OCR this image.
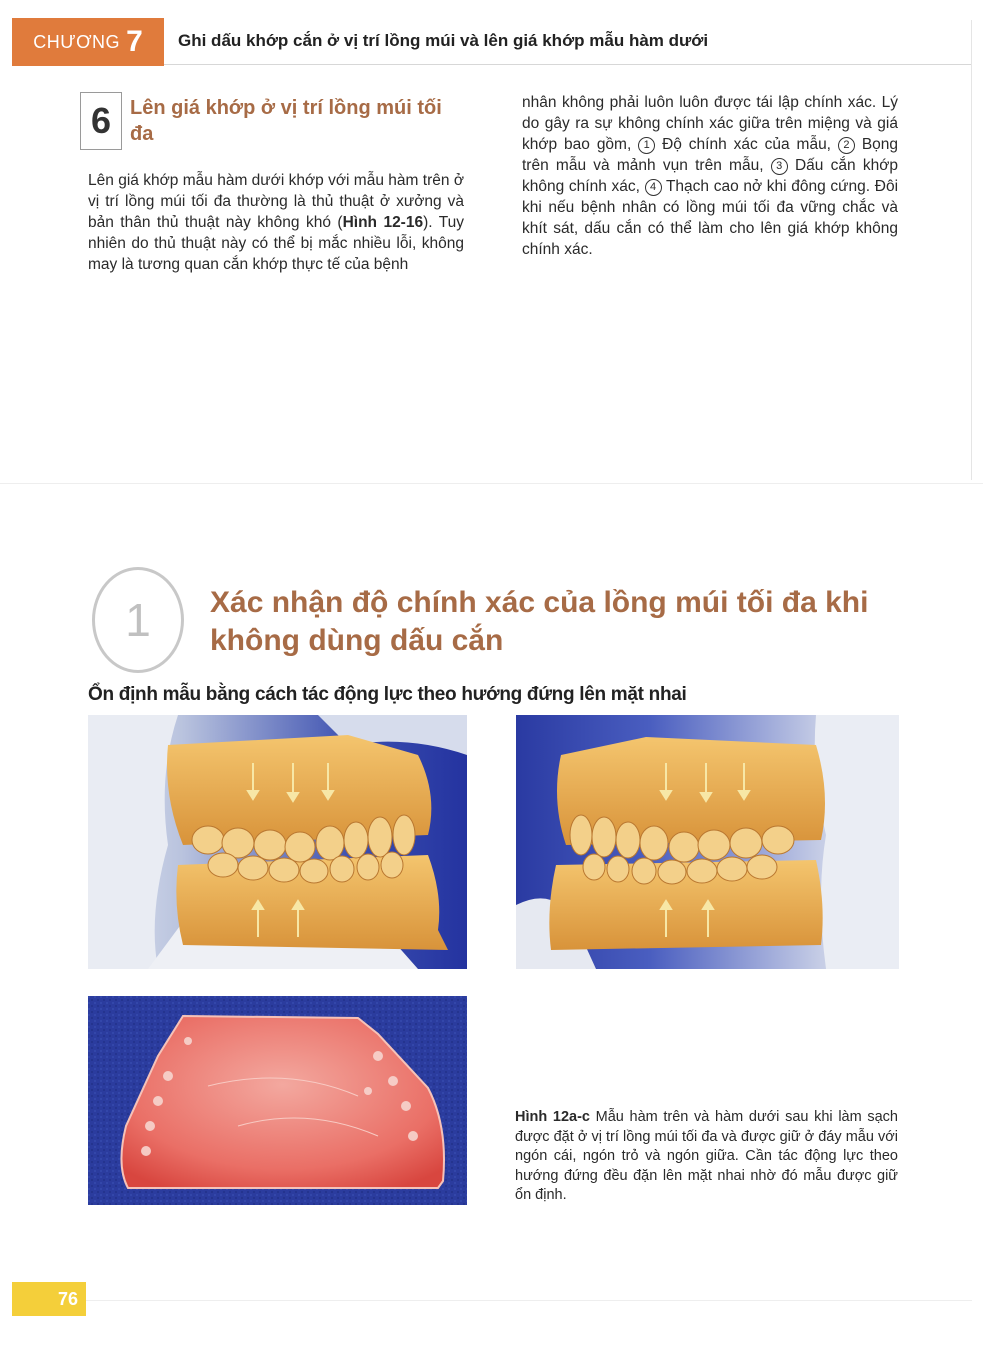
CHƯƠNG 7 Ghi dấu khớp cắn ở vị trí lồng múi và lên giá khớp mẫu hàm dưới
6 Lên giá khớp ở vị trí lồng múi tối đa
Lên giá khớp mẫu hàm dưới khớp với mẫu hàm trên ở vị trí lồng múi tối đa thường là thủ thuật ở xưởng và bản thân thủ thuật này không khó (Hình 12-16). Tuy nhiên do thủ thuật này có thể bị mắc nhiều lỗi, không may là tương quan cắn khớp thực tế của bệnh
nhân không phải luôn luôn được tái lập chính xác. Lý do gây ra sự không chính xác giữa trên miệng và giá khớp bao gồm, 1 Độ chính xác của mẫu, 2 Bọng trên mẫu và mảnh vụn trên mẫu, 3 Dấu cắn khớp không chính xác, 4 Thạch cao nở khi đông cứng. Đôi khi nếu bệnh nhân có lồng múi tối đa vững chắc và khít sát, dấu cắn có thể làm cho lên giá khớp không chính xác.
1	Xác nhận độ chính xác của lồng múi tối đa khi không dùng dấu cắn
Ổn định mẫu bằng cách tác động lực theo hướng đứng lên mặt nhai
Hình 12a-c Mẫu hàm trên và hàm dưới sau khi làm sạch được đặt ở vị trí lồng múi tối đa và được giữ ở đáy mẫu với ngón cái, ngón trỏ và ngón giữa. Cần tác động lực theo hướng đứng đều đặn lên mặt nhai nhờ đó mẫu được giữ ổn định.
76
